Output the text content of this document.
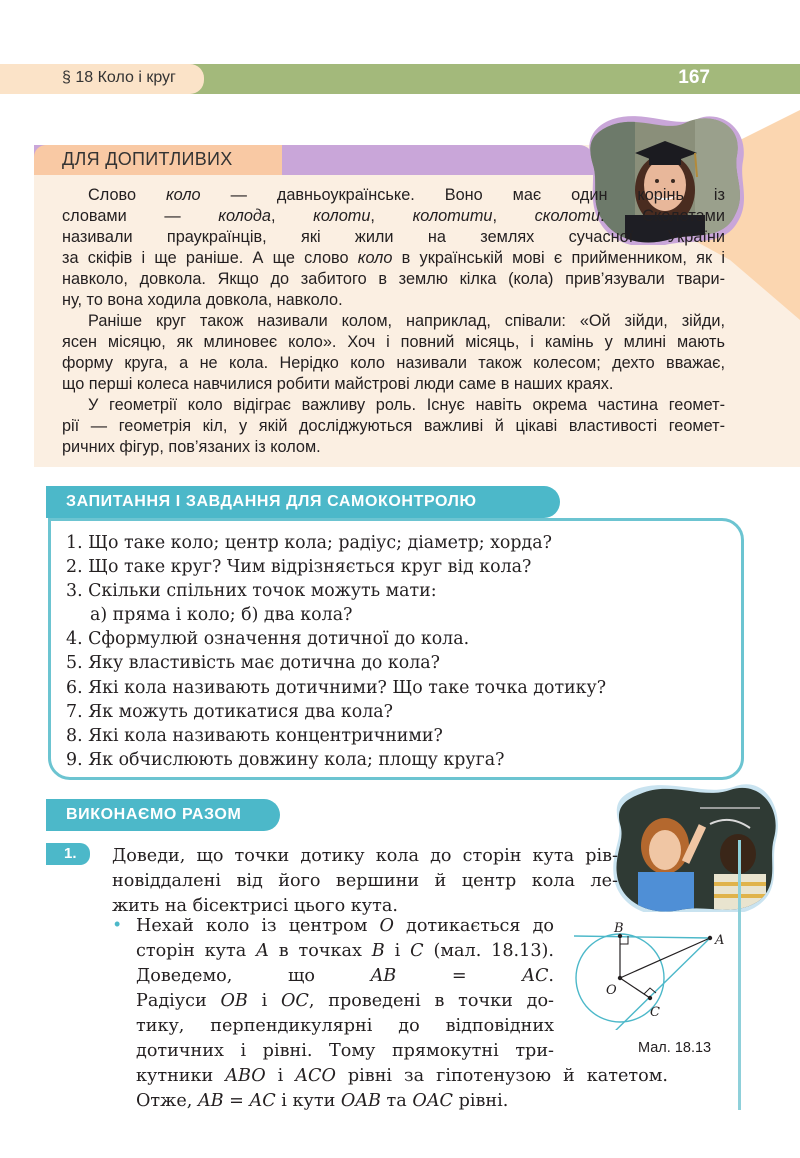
§ 18 Коло і круг	167
ДЛЯ ДОПИТЛИВИХ
Слово коло — давньоукраїнське. Воно має один корінь із
словами — колода, колоти, колотити, сколоти. Сколотами
називали праукраїнців, які жили на землях сучасної України
за скіфів і ще раніше. А ще слово коло в українській мові є прийменником, як і
навколо, довкола. Якщо до забитого в землю кілка (кола) прив’язували твари-
ну, то вона ходила довкола, навколо.
Раніше круг також називали колом, наприклад, співали: «Ой зійди, зійди,
ясен місяцю, як млиновеє коло». Хоч і повний місяць, і камінь у млині мають
форму круга, а не кола. Нерідко коло називали також колесом; дехто вважає,
що перші колеса навчилися робити майстрові люди саме в наших краях.
У геометрії коло відіграє важливу роль. Існує навіть окрема частина геомет-
рії — геометрія кіл, у якій досліджуються важливі й цікаві властивості геомет-
ричних фігур, пов’язаних із колом.
ЗАПИТАННЯ І ЗАВДАННЯ ДЛЯ САМОКОНТРОЛЮ
1. Що таке коло; центр кола; радіус; діаметр; хорда?
2. Що таке круг? Чим відрізняється круг від кола?
3. Скільки спільних точок можуть мати:
а) пряма і коло; б) два кола?
4. Сформулюй означення дотичної до кола.
5. Яку властивість має дотична до кола?
6. Які кола називають дотичними? Що таке точка дотику?
7. Як можуть дотикатися два кола?
8. Які кола називають концентричними?
9. Як обчислюють довжину кола; площу круга?
ВИКОНАЄМО РАЗОМ
1. Доведи, що точки дотику кола до сторін кута рів-
новіддалені від його вершини й центр кола ле-
жить на бісектрисі цього кута.
• Нехай коло із центром O дотикається до
сторін кута A в точках B і C (мал. 18.13).
Доведемо, що AB = AC.
Радіуси OB і OC, проведені в точки до-
тику, перпендикулярні до відповідних
дотичних і рівні. Тому прямокутні три-
кутники ABO і ACO рівні за гіпотенузою й катетом.
Отже, AB = AC і кути OAB та OAC рівні.
B
A
O
C
Мал. 18.13
